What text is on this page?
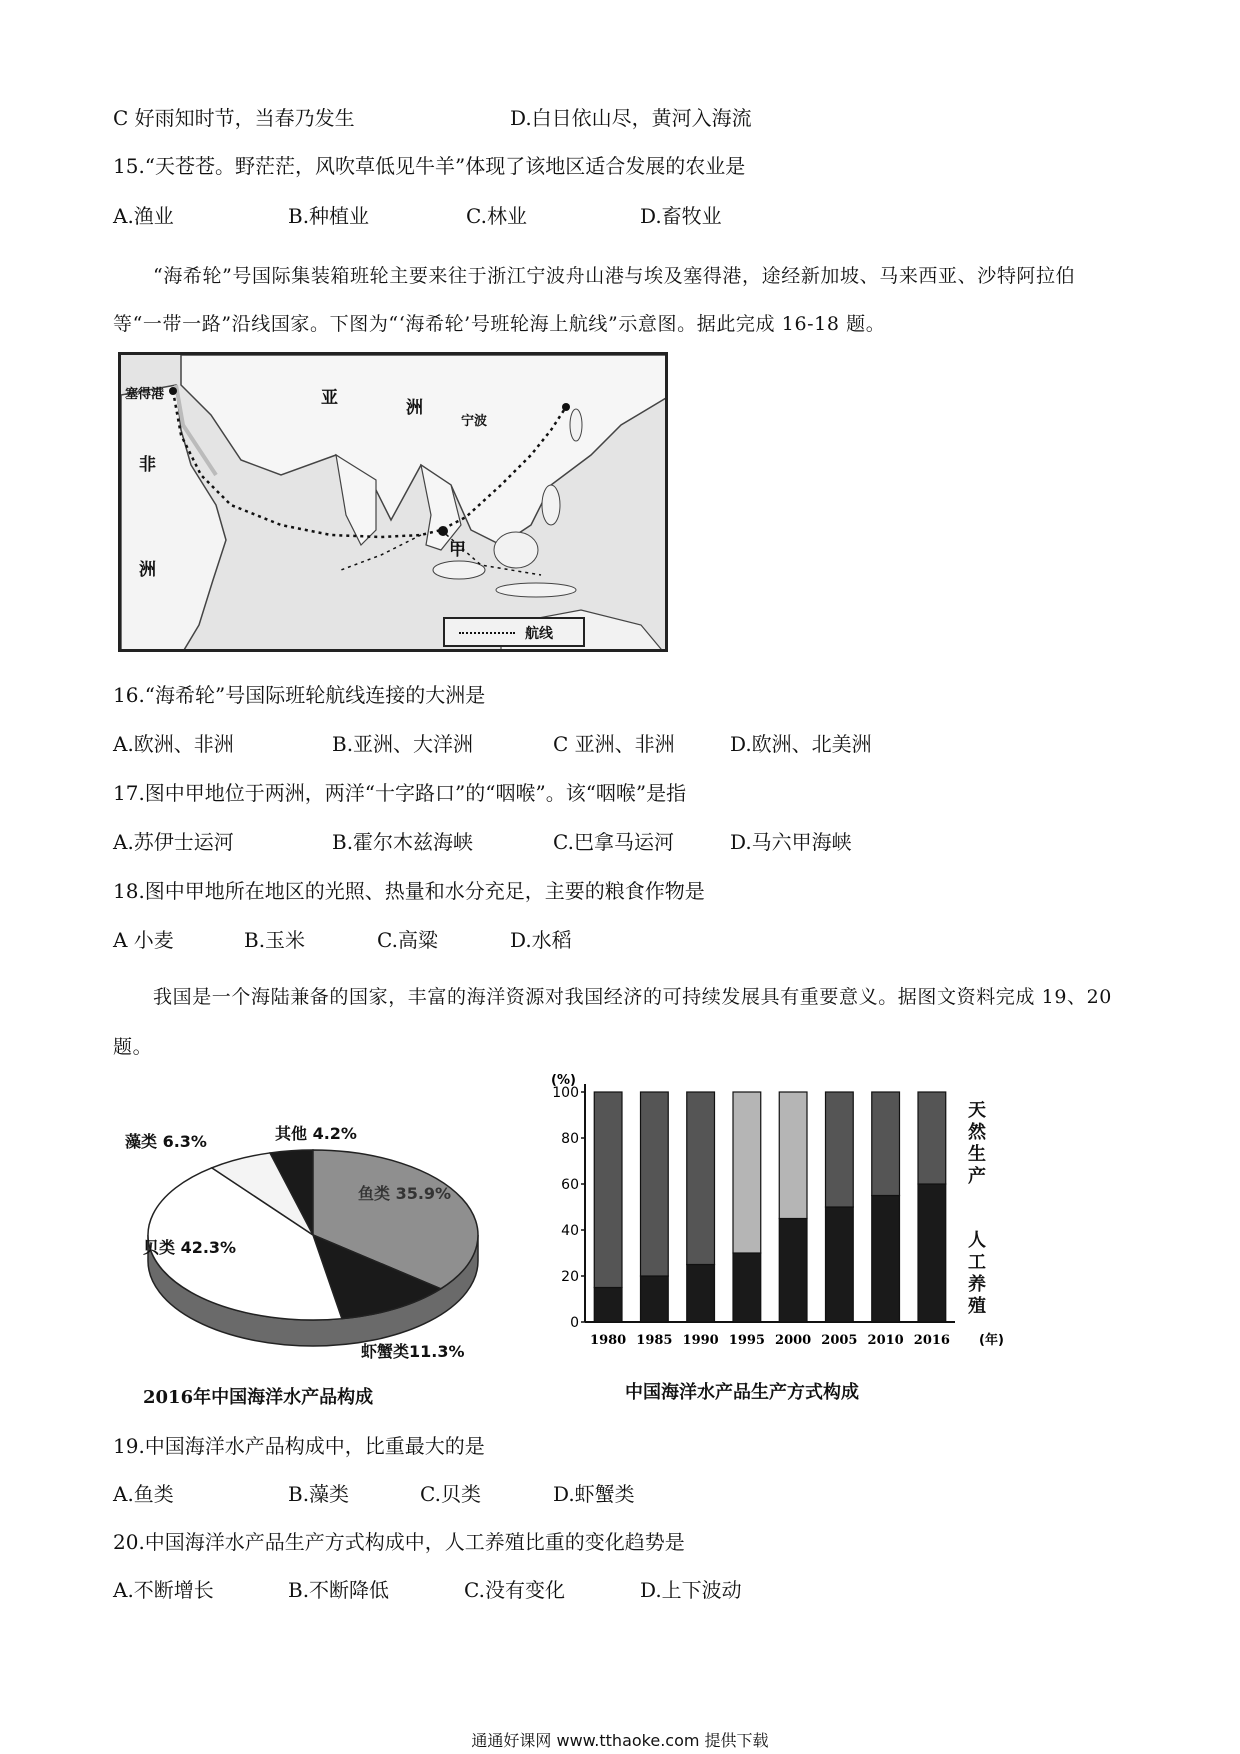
C 好雨知时节，当春乃发生	D.白日依山尽，黄河入海流
15.“天苍苍。野茫茫，风吹草低见牛羊”体现了该地区适合发展的农业是
A.渔业	B.种植业	C.林业	D.畜牧业
“海希轮”号国际集装箱班轮主要来往于浙江宁波舟山港与埃及塞得港，途经新加坡、马来西亚、沙特阿拉伯等“一带一路”沿线国家。下图为“‘海希轮’号班轮海上航线”示意图。据此完成 16-18 题。
塞得港	亚	洲
宁波
非
洲
甲
航线
16.“海希轮”号国际班轮航线连接的大洲是
A.欧洲、非洲	B.亚洲、大洋洲	C 亚洲、非洲	D.欧洲、北美洲
17.图中甲地位于两洲，两洋“十字路口”的“咽喉”。该“咽喉”是指
A.苏伊士运河	B.霍尔木兹海峡	C.巴拿马运河	D.马六甲海峡
18.图中甲地所在地区的光照、热量和水分充足，主要的粮食作物是
A 小麦	B.玉米	C.高粱	D.水稻
我国是一个海陆兼备的国家，丰富的海洋资源对我国经济的可持续发展具有重要意义。据图文资料完成 19、20 题。
藻类 6.3%	其他 4.2%
鱼类 35.9%
贝类 42.3%
虾蟹类11.3%
2016年中国海洋水产品构成
(%)
0
20
40
60
80
100
1980 1985 1990 1995 2000 2005 2010 2016 (年)
天然生产
人工养殖
中国海洋水产品生产方式构成
19.中国海洋水产品构成中，比重最大的是
A.鱼类	B.藻类	C.贝类	D.虾蟹类
20.中国海洋水产品生产方式构成中，人工养殖比重的变化趋势是
A.不断增长	B.不断降低	C.没有变化	D.上下波动
通通好课网 www.tthaoke.com 提供下载
